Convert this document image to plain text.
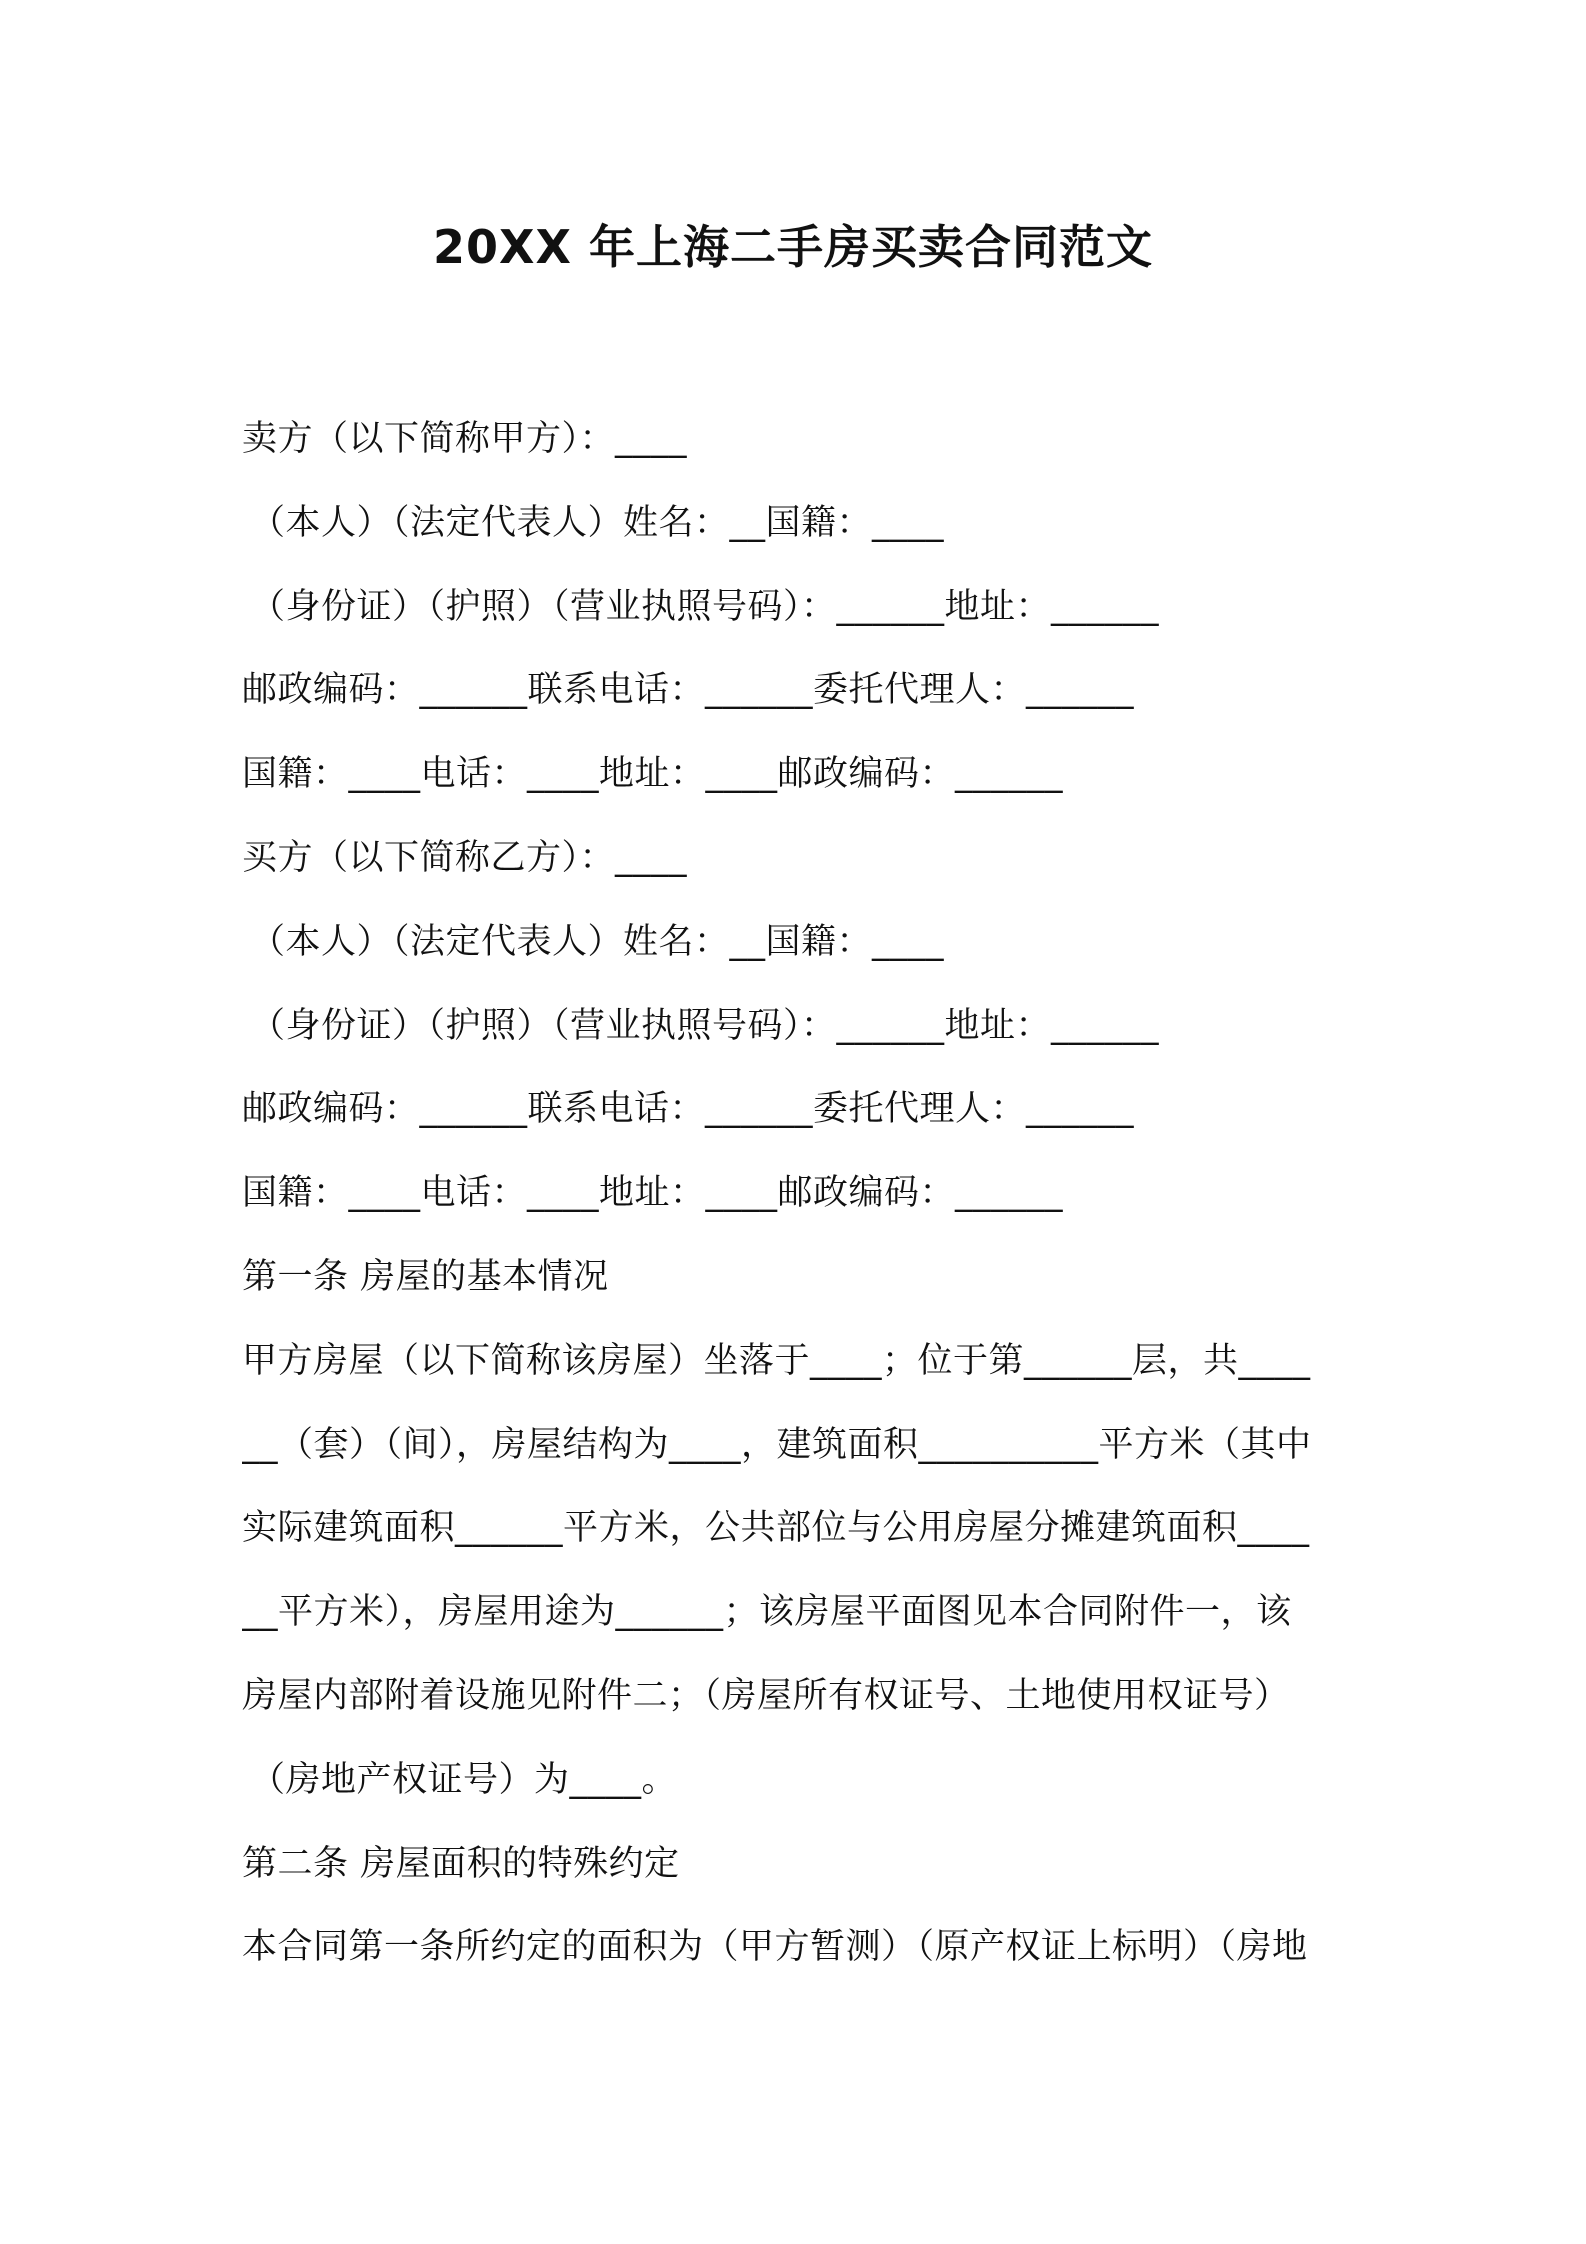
20XX 年上海二手房买卖合同范文
卖方（以下简称甲方）：____
（本人）（法定代表人）姓名：__国籍：____
（身份证）（护照）（营业执照号码）：______地址：______
邮政编码：______联系电话：______委托代理人：______
国籍：____电话：____地址：____邮政编码：______
买方（以下简称乙方）：____
（本人）（法定代表人）姓名：__国籍：____
（身份证）（护照）（营业执照号码）：______地址：______
邮政编码：______联系电话：______委托代理人：______
国籍：____电话：____地址：____邮政编码：______
第一条 房屋的基本情况
甲方房屋（以下简称该房屋）坐落于____；位于第______层，共____
__（套）（间），房屋结构为____，建筑面积__________平方米（其中
实际建筑面积______平方米，公共部位与公用房屋分摊建筑面积____
__平方米），房屋用途为______；该房屋平面图见本合同附件一，该
房屋内部附着设施见附件二；（房屋所有权证号、土地使用权证号）
（房地产权证号）为____。
第二条 房屋面积的特殊约定
本合同第一条所约定的面积为（甲方暂测）（原产权证上标明）（房地
